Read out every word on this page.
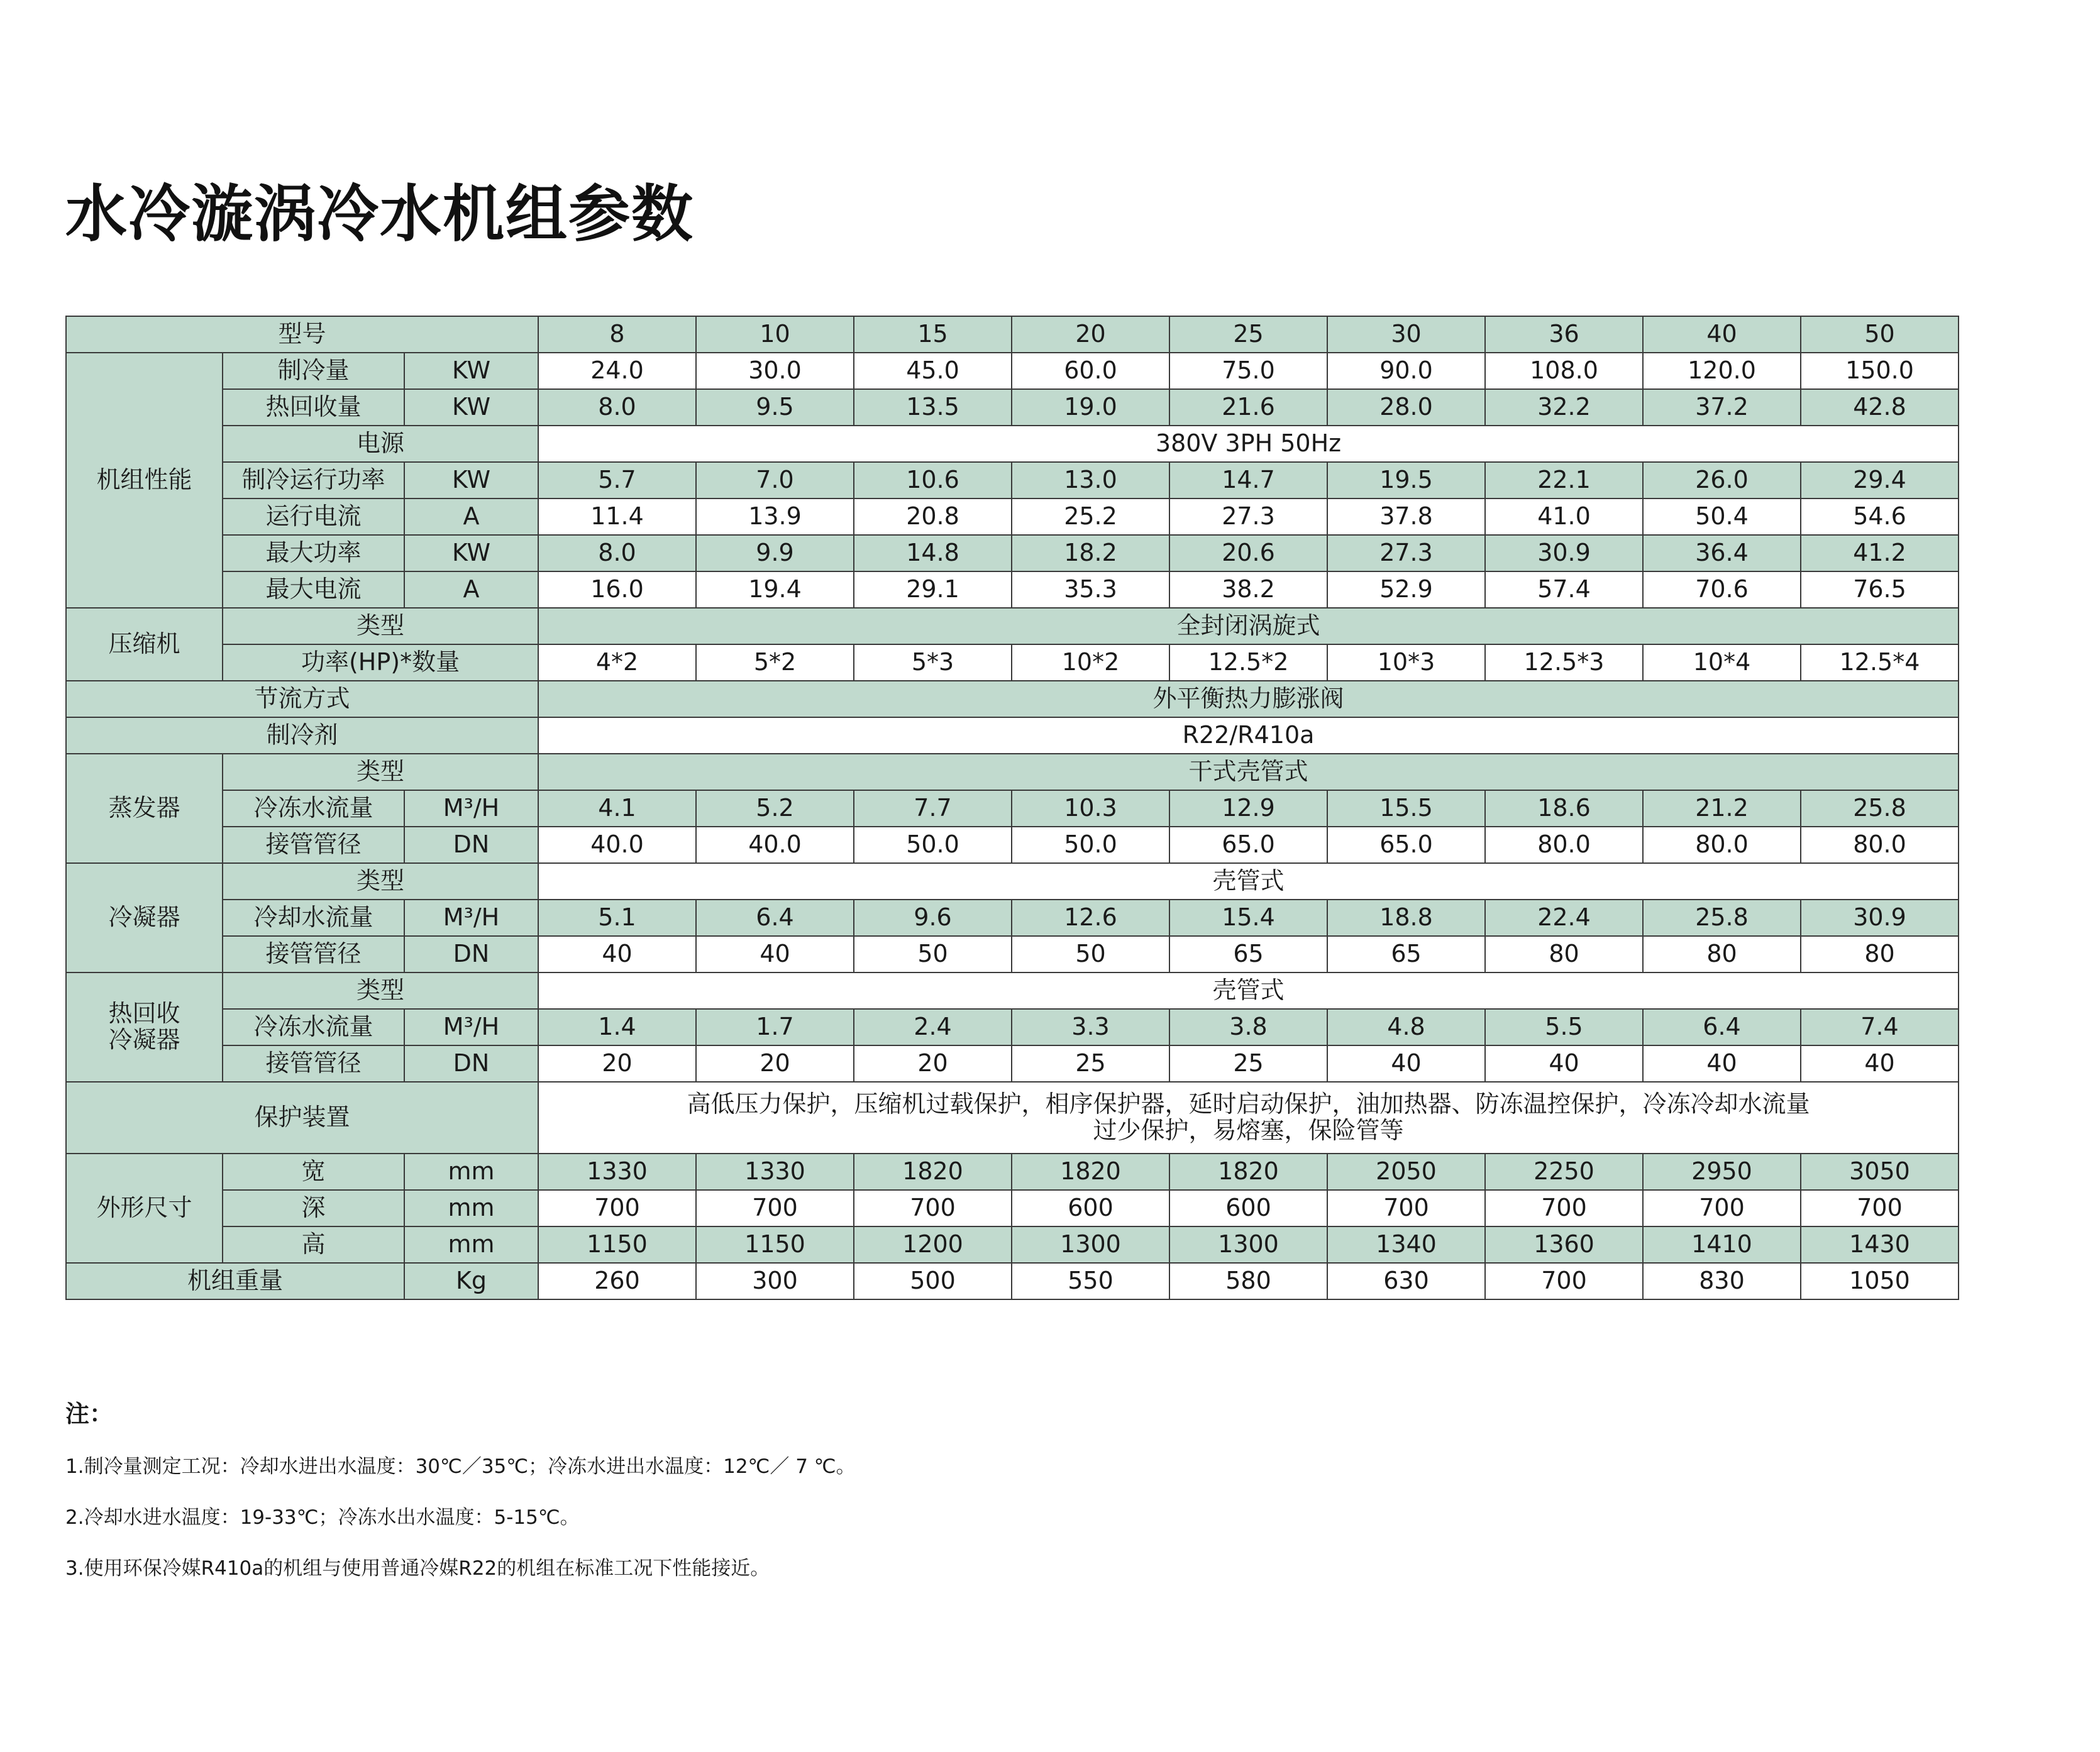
水冷漩涡冷水机组参数
型号			8	10	15	20	25	30	36	40	50
机组性能	制冷量	KW	24.0	30.0	45.0	60.0	75.0	90.0	108.0	120.0	150.0
	热回收量	KW	8.0	9.5	13.5	19.0	21.6	28.0	32.2	37.2	42.8
	电源		380V 3PH 50Hz								
	制冷运行功率	KW	5.7	7.0	10.6	13.0	14.7	19.5	22.1	26.0	29.4
	运行电流	A	11.4	13.9	20.8	25.2	27.3	37.8	41.0	50.4	54.6
	最大功率	KW	8.0	9.9	14.8	18.2	20.6	27.3	30.9	36.4	41.2
	最大电流	A	16.0	19.4	29.1	35.3	38.2	52.9	57.4	70.6	76.5
压缩机	类型		全封闭涡旋式								
	功率(HP)*数量		4*2	5*2	5*3	10*2	12.5*2	10*3	12.5*3	10*4	12.5*4
节流方式			外平衡热力膨涨阀								
制冷剂			R22/R410a								
蒸发器	类型		干式壳管式								
	冷冻水流量	M³/H	4.1	5.2	7.7	10.3	12.9	15.5	18.6	21.2	25.8
	接管管径	DN	40.0	40.0	50.0	50.0	65.0	65.0	80.0	80.0	80.0
冷凝器	类型		壳管式								
	冷却水流量	M³/H	5.1	6.4	9.6	12.6	15.4	18.8	22.4	25.8	30.9
	接管管径	DN	40	40	50	50	65	65	80	80	80
热回收
冷凝器	类型		壳管式								
	冷冻水流量	M³/H	1.4	1.7	2.4	3.3	3.8	4.8	5.5	6.4	7.4
	接管管径	DN	20	20	20	25	25	40	40	40	40
保护装置			高低压力保护，压缩机过载保护，相序保护器，延时启动保护，油加热器、防冻温控保护，冷冻冷却水流量
过少保护，易熔塞，保险管等								
外形尺寸	宽	mm	1330	1330	1820	1820	1820	2050	2250	2950	3050
	深	mm	700	700	700	600	600	700	700	700	700
	高	mm	1150	1150	1200	1300	1300	1340	1360	1410	1430
机组重量		Kg	260	300	500	550	580	630	700	830	1050
注：
1.制冷量测定工况：冷却水进出水温度：30℃／35℃；冷冻水进出水温度：12℃／ 7 ℃。
2.冷却水进水温度：19-33℃；冷冻水出水温度：5-15℃。
3.使用环保冷媒R410a的机组与使用普通冷媒R22的机组在标准工况下性能接近。
